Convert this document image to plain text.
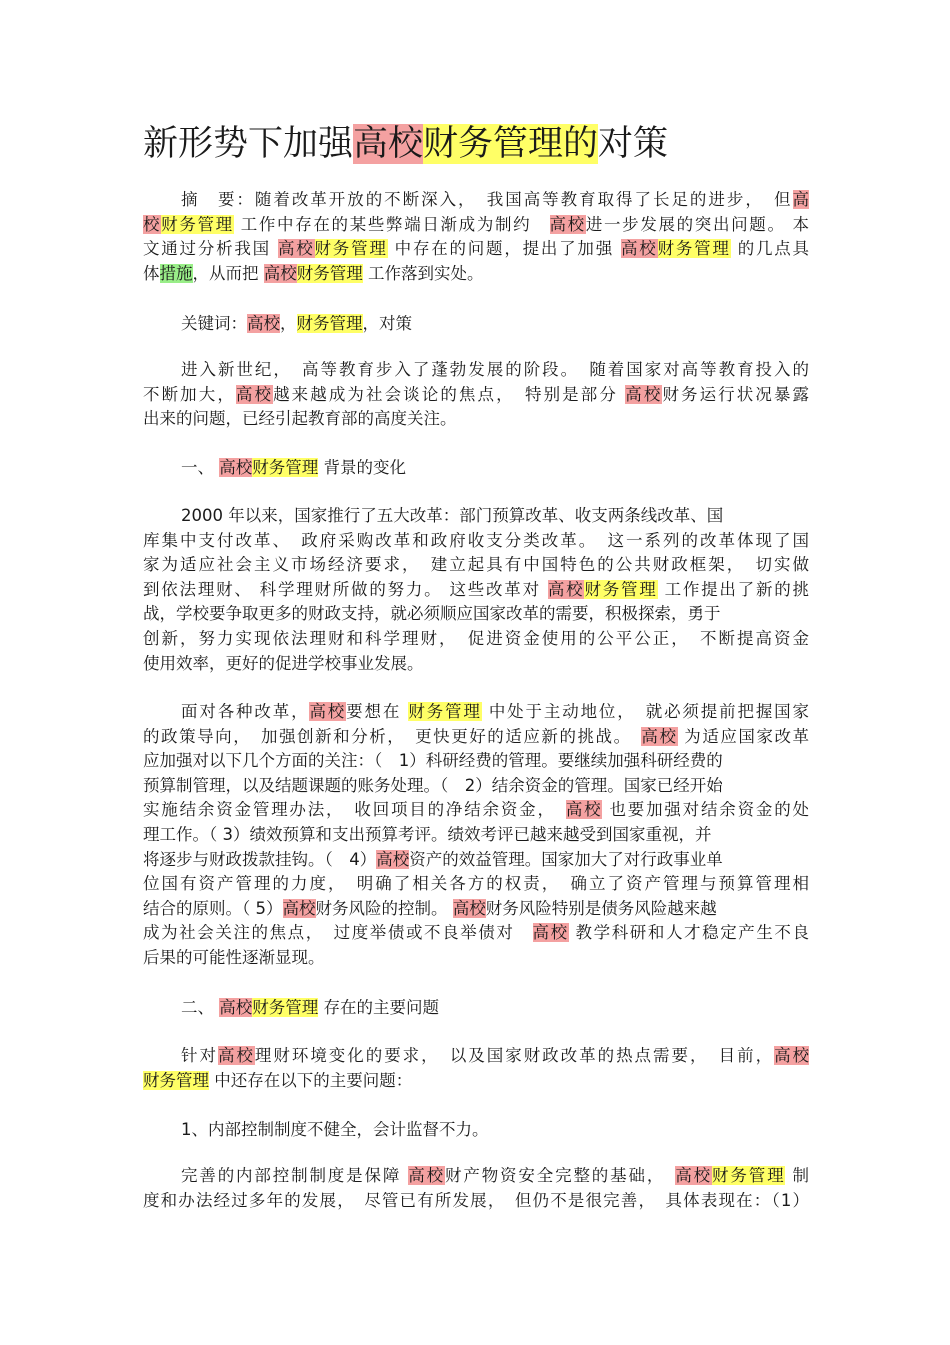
新形势下加强高校财务管理的对策
摘　要：随着改革开放的不断深入，　我国高等教育取得了长足的进步，　但高
校财务管理 工作中存在的某些弊端日渐成为制约　高校进一步发展的突出问题。 本
文通过分析我国 高校财务管理 中存在的问题，提出了加强 高校财务管理 的几点具
体措施，从而把 高校财务管理 工作落到实处。
关键词：高校，财务管理，对策
进入新世纪，　高等教育步入了蓬勃发展的阶段。　随着国家对高等教育投入的
不断加大，高校越来越成为社会谈论的焦点，　特别是部分 高校财务运行状况暴露
出来的问题，已经引起教育部的高度关注。
一、 高校财务管理 背景的变化
2000 年以来，国家推行了五大改革：部门预算改革、收支两条线改革、国
库集中支付改革、　政府采购改革和政府收支分类改革。　这一系列的改革体现了国
家为适应社会主义市场经济要求，　建立起具有中国特色的公共财政框架，　切实做
到依法理财、 科学理财所做的努力。 这些改革对 高校财务管理 工作提出了新的挑
战，学校要争取更多的财政支持，就必须顺应国家改革的需要，积极探索，勇于
创新，努力实现依法理财和科学理财，　促进资金使用的公平公正，　不断提高资金
使用效率，更好的促进学校事业发展。
面对各种改革，高校要想在 财务管理 中处于主动地位，　就必须提前把握国家
的政策导向，　加强创新和分析，　更快更好的适应新的挑战。　高校 为适应国家改革
应加强对以下几个方面的关注：（　1）科研经费的管理。要继续加强科研经费的
预算制管理，以及结题课题的账务处理。（　2）结余资金的管理。国家已经开始
实施结余资金管理办法，　收回项目的净结余资金，　高校 也要加强对结余资金的处
理工作。（ 3）绩效预算和支出预算考评。绩效考评已越来越受到国家重视，并
将逐步与财政拨款挂钩。（　4）高校资产的效益管理。国家加大了对行政事业单
位国有资产管理的力度，　明确了相关各方的权责，　确立了资产管理与预算管理相
结合的原则。（ 5）高校财务风险的控制。 高校财务风险特别是债务风险越来越
成为社会关注的焦点，　过度举债或不良举债对　高校 教学科研和人才稳定产生不良
后果的可能性逐渐显现。
二、 高校财务管理 存在的主要问题
针对高校理财环境变化的要求，　以及国家财政改革的热点需要，　目前，高校
财务管理 中还存在以下的主要问题：
1、内部控制制度不健全，会计监督不力。
完善的内部控制制度是保障 高校财产物资安全完整的基础，　高校财务管理 制
度和办法经过多年的发展，　尽管已有所发展，　但仍不是很完善，　具体表现在：（1）
